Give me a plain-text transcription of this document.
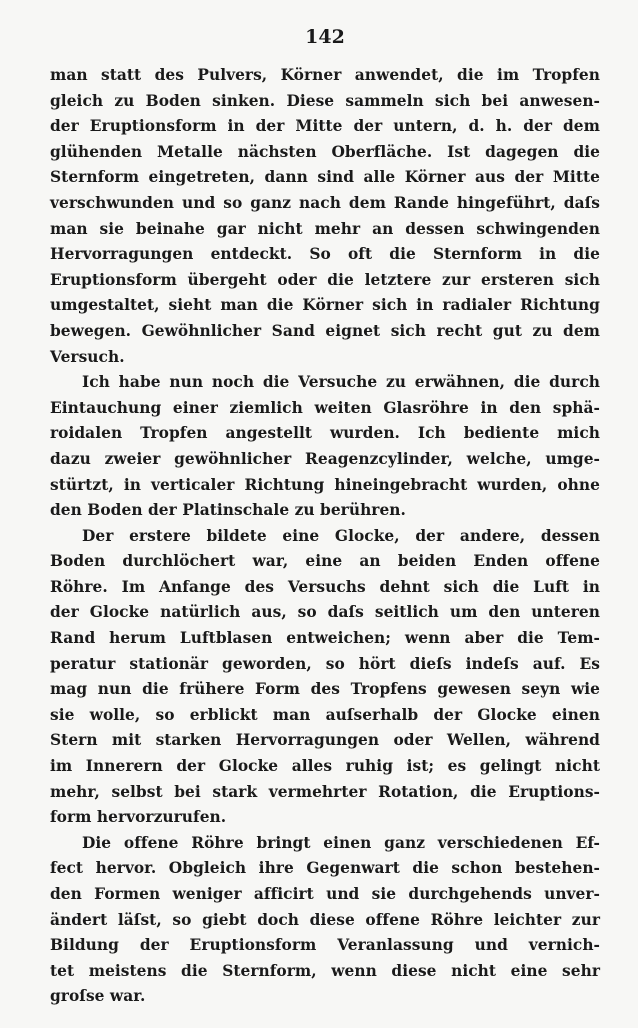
142
man statt des Pulvers, Körner anwendet, die im Tropfen
gleich zu Boden sinken. Diese sammeln sich bei anwesen-
der Eruptionsform in der Mitte der untern, d. h. der dem
glühenden Metalle nächsten Oberfläche. Ist dagegen die
Sternform eingetreten, dann sind alle Körner aus der Mitte
verschwunden und so ganz nach dem Rande hingeführt, daſs
man sie beinahe gar nicht mehr an dessen schwingenden
Hervorragungen entdeckt. So oft die Sternform in die
Eruptionsform übergeht oder die letztere zur ersteren sich
umgestaltet, sieht man die Körner sich in radialer Richtung
bewegen. Gewöhnlicher Sand eignet sich recht gut zu dem
Versuch.
Ich habe nun noch die Versuche zu erwähnen, die durch
Eintauchung einer ziemlich weiten Glasröhre in den sphä-
roidalen Tropfen angestellt wurden. Ich bediente mich
dazu zweier gewöhnlicher Reagenzcylinder, welche, umge-
stürtzt, in verticaler Richtung hineingebracht wurden, ohne
den Boden der Platinschale zu berühren.
Der erstere bildete eine Glocke, der andere, dessen
Boden durchlöchert war, eine an beiden Enden offene
Röhre. Im Anfange des Versuchs dehnt sich die Luft in
der Glocke natürlich aus, so daſs seitlich um den unteren
Rand herum Luftblasen entweichen; wenn aber die Tem-
peratur stationär geworden, so hört dieſs indeſs auf. Es
mag nun die frühere Form des Tropfens gewesen seyn wie
sie wolle, so erblickt man auſserhalb der Glocke einen
Stern mit starken Hervorragungen oder Wellen, während
im Innerern der Glocke alles ruhig ist; es gelingt nicht
mehr, selbst bei stark vermehrter Rotation, die Eruptions-
form hervorzurufen.
Die offene Röhre bringt einen ganz verschiedenen Ef-
fect hervor. Obgleich ihre Gegenwart die schon bestehen-
den Formen weniger afficirt und sie durchgehends unver-
ändert läſst, so giebt doch diese offene Röhre leichter zur
Bildung der Eruptionsform Veranlassung und vernich-
tet meistens die Sternform, wenn diese nicht eine sehr
groſse war.
